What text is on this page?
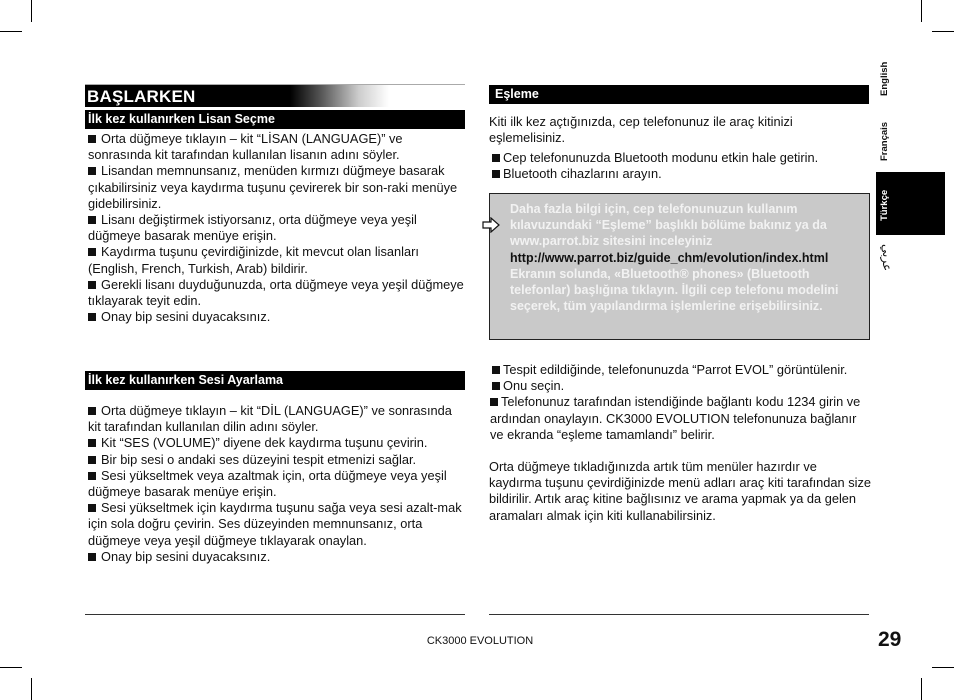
BAŞLARKEN
İlk kez kullanırken Lisan Seçme

Orta düğmeye tıklayın – kit “LİSAN (LANGUAGE)” ve sonrasında kit tarafından kullanılan lisanın adını söyler.

Lisandan memnunsanız, menüden kırmızı düğmeye basarak çıkabilirsiniz veya kaydırma tuşunu çevirerek bir son-raki menüye gidebilirsiniz.

Lisanı değiştirmek istiyorsanız, orta düğmeye veya yeşil düğmeye basarak menüye erişin.

Kaydırma tuşunu çevirdiğinizde, kit mevcut olan lisanları (English, French, Turkish, Arab) bildirir.

Gerekli lisanı duyduğunuzda, orta düğmeye veya yeşil düğmeye tıklayarak teyit edin.

Onay bip sesini duyacaksınız.

İlk kez kullanırken Sesi Ayarlama

Orta düğmeye tıklayın – kit “DİL (LANGUAGE)” ve sonrasında kit tarafından kullanılan dilin adını söyler.

Kit “SES (VOLUME)” diyene dek kaydırma tuşunu çevirin.

Bir bip sesi o andaki ses düzeyini tespit etmenizi sağlar.

Sesi yükseltmek veya azaltmak için, orta düğmeye veya yeşil düğmeye basarak menüye erişin.

Sesi yükseltmek için kaydırma tuşunu sağa veya sesi azalt-mak için sola doğru çevirin. Ses düzeyinden memnunsanız, orta düğmeye veya yeşil düğmeye tıklayarak onaylan.

Onay bip sesini duyacaksınız.

Eşleme

Kiti ilk kez açtığınızda, cep telefonunuz ile araç kitinizi eşlemelisiniz.

Cep telefonunuzda Bluetooth modunu etkin hale getirin.

Bluetooth cihazlarını arayın.

Daha fazla bilgi için, cep telefonunuzun kullanım kılavuzundaki “Eşleme” başlıklı bölüme bakınız ya da www.parrot.biz sitesini inceleyiniz
http://www.parrot.biz/guide_chm/evolution/index.html
Ekranın solunda, «Bluetooth® phones» (Bluetooth telefonlar) başlığına tıklayın. İlgili cep telefonu modelini seçerek, tüm yapılandırma işlemlerine erişebilirsiniz.

Tespit edildiğinde, telefonunuzda “Parrot EVOL” görüntülenir.

Onu seçin.

Telefonunuz tarafından istendiğinde bağlantı kodu 1234 girin ve ardından onaylayın. CK3000 EVOLUTION telefonunuza bağlanır ve ekranda “eşleme tamamlandı” belirir.

Orta düğmeye tıkladığınızda artık tüm menüler hazırdır ve kaydırma tuşunu çevirdiğinizde menü adları araç kiti tarafından size bildirilir. Artık araç kitine bağlısınız ve arama yapmak ya da gelen aramaları almak için kiti kullanabilirsiniz.

English
Français
Türkçe
عربي
CK3000 EVOLUTION	29
